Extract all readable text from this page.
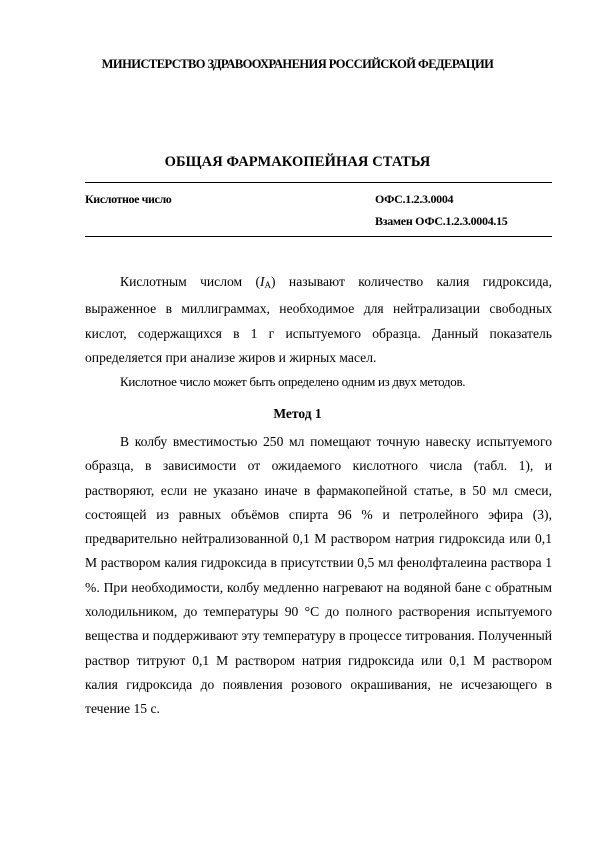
МИНИСТЕРСТВО ЗДРАВООХРАНЕНИЯ РОССИЙСКОЙ ФЕДЕРАЦИИ
ОБЩАЯ ФАРМАКОПЕЙНАЯ СТАТЬЯ
Кислотное число	ОФС.1.2.3.0004
Взамен ОФС.1.2.3.0004.15

Кислотным числом $(I_A)$ называют количество калия гидроксида, выраженное в миллиграммах, необходимое для нейтрализации свободных кислот, содержащихся в 1 г испытуемого образца. Данный показатель определяется при анализе жиров и жирных масел.

Кислотное число может быть определено одним из двух методов.

Метод 1

В колбу вместимостью 250 мл помещают точную навеску испытуемого образца, в зависимости от ожидаемого кислотного числа (табл. 1), и растворяют, если не указано иначе в фармакопейной статье, в 50 мл смеси, состоящей из равных объёмов спирта 96 % и петролейного эфира (3), предварительно нейтрализованной 0,1 М раствором натрия гидроксида или 0,1 М раствором калия гидроксида в присутствии 0,5 мл фенолфталеина раствора 1 %. При необходимости, колбу медленно нагревают на водяной бане с обратным холодильником, до температуры 90 °С до полного растворения испытуемого вещества и поддерживают эту температуру в процессе титрования. Полученный раствор титруют 0,1 М раствором натрия гидроксида или 0,1 М раствором калия гидроксида до появления розового окрашивания, не исчезающего в течение 15 с.
